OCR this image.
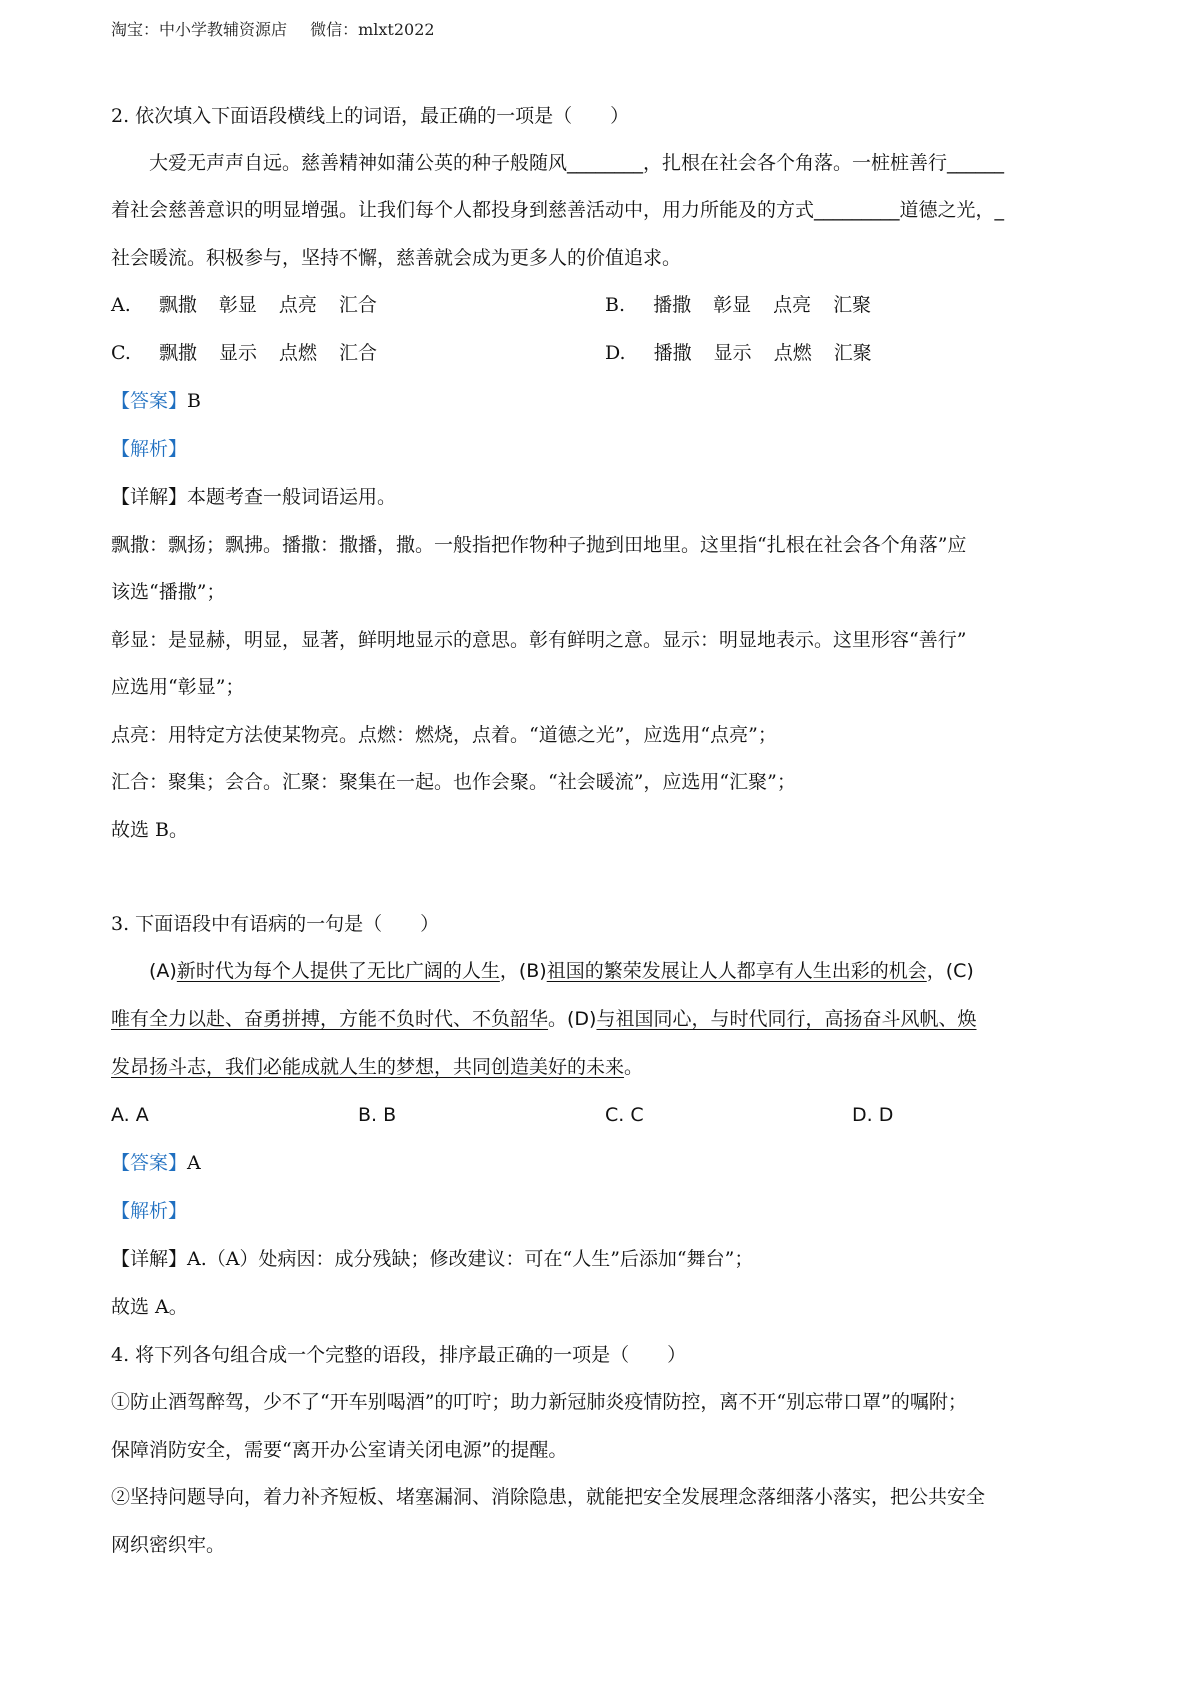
淘宝：中小学教辅资源店 微信：mlxt2022
2. 依次填入下面语段横线上的词语，最正确的一项是（　　）
大爱无声声自远。慈善精神如蒲公英的种子般随风________，扎根在社会各个角落。一桩桩善行______
着社会慈善意识的明显增强。让我们每个人都投身到慈善活动中，用力所能及的方式_________道德之光，_
社会暖流。积极参与，坚持不懈，慈善就会成为更多人的价值追求。
A. 飘撒 彰显 点亮 汇合	B. 播撒 彰显 点亮 汇聚
C. 飘撒 显示 点燃 汇合	D. 播撒 显示 点燃 汇聚
【答案】B
【解析】
【详解】本题考查一般词语运用。
飘撒：飘扬；飘拂。播撒：撒播，撒。一般指把作物种子抛到田地里。这里指“扎根在社会各个角落”应
该选“播撒”；
彰显：是显赫，明显，显著，鲜明地显示的意思。彰有鲜明之意。显示：明显地表示。这里形容“善行”
应选用“彰显”；
点亮：用特定方法使某物亮。点燃：燃烧，点着。“道德之光”，应选用“点亮”；
汇合：聚集；会合。汇聚：聚集在一起。也作会聚。“社会暖流”，应选用“汇聚”；
故选 B。
3. 下面语段中有语病的一句是（　　）
(A)新时代为每个人提供了无比广阔的人生，(B)祖国的繁荣发展让人人都享有人生出彩的机会，(C)
唯有全力以赴、奋勇拼搏，方能不负时代、不负韶华。(D)与祖国同心，与时代同行，高扬奋斗风帆、焕
发昂扬斗志，我们必能成就人生的梦想，共同创造美好的未来。
A. A	B. B	C. C	D. D
【答案】A
【解析】
【详解】A.（A）处病因：成分残缺；修改建议：可在“人生”后添加“舞台”；
故选 A。
4. 将下列各句组合成一个完整的语段，排序最正确的一项是（　　）
①防止酒驾醉驾，少不了“开车别喝酒”的叮咛；助力新冠肺炎疫情防控，离不开“别忘带口罩”的嘱附；
保障消防安全，需要“离开办公室请关闭电源”的提醒。
②坚持问题导向，着力补齐短板、堵塞漏洞、消除隐患，就能把安全发展理念落细落小落实，把公共安全
网织密织牢。
